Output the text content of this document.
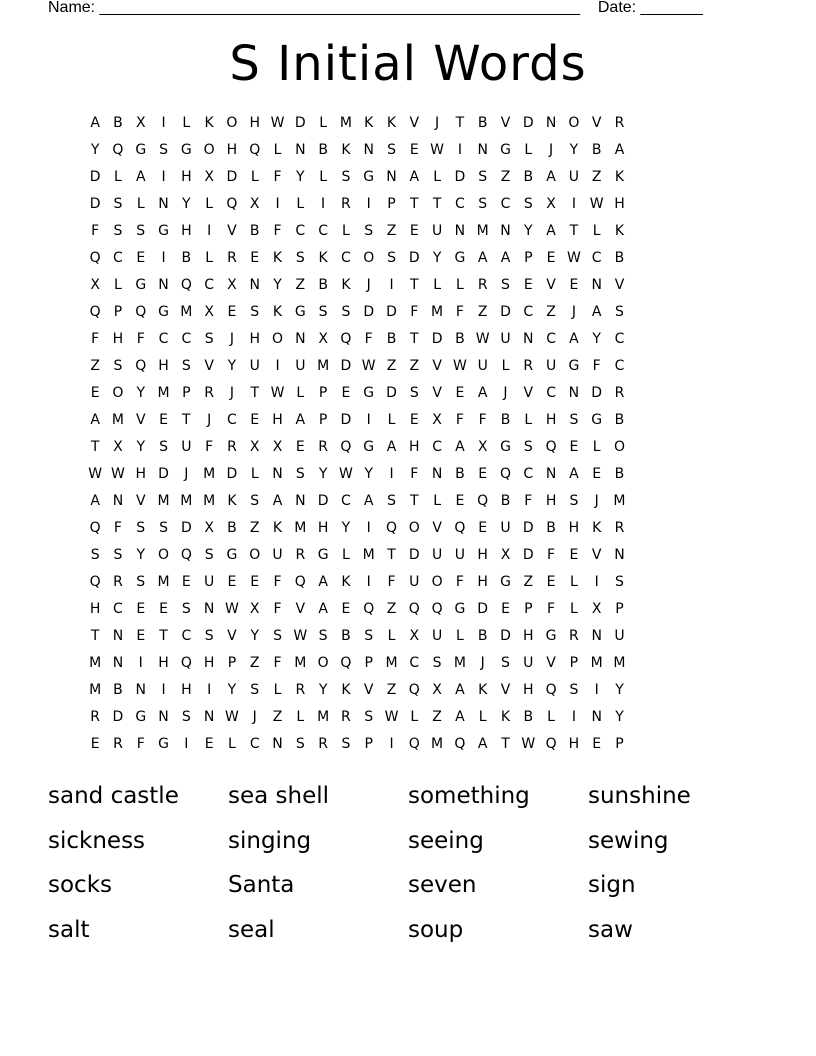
Name: ______________________________________________________    Date: _______
S Initial Words
A B X	I	L K O H W D L M K K V	J	T B V D N O V R
Y Q G S G O H Q L N B K N S E W I	N G L	J	Y B A
D L A	I	H X D L	F Y	L S G N A L D S Z B A U Z K
D S L N Y	L Q X	I	L	I	R	I	P T T C S C S X	I W H
F S S G H	I	V B F C C L S Z E U N M N Y A T	L K
Q C E	I	B L R E K S K C O S D Y G A A P E W C B
X L G N Q C X N Y Z B K	J	I	T	L	L R S E V E N V
Q P Q G M X E S K G S S D D F M F Z D C Z	J	A S
F H F C C S	J	H O N X Q F B T D B W U N C A Y C
Z S Q H S V Y U	I	U M D W Z Z V W U L R U G F C
E O Y M P R	J	T W L	P E G D S V E A	J	V C N D R
A M V E T	J	C E H A P D	I	L E X F	F B L H S G B
T X Y S U F R X X E R Q G A H C A X G S Q E L O
W W H D	J	M D L N S Y W Y	I	F N B E Q C N A E B
A N V M M M K S A N D C A S T	L E Q B F H S	J	M
Q F S S D X B Z K M H Y	I	Q O V Q E U D B H K R
S S Y O Q S G O U R G L M T D U U H X D F E V N
Q R S M E U E E F Q A K	I	F U O F H G Z E L	I	S
H C E E S N W X F V A E Q Z Q Q G D E P	F	L X P
T N E T C S V Y S W S B S L X U L B D H G R N U
M N	I	H Q H P Z F M O Q P M C S M	J	S U V P M M
M B N	I	H	I	Y S L R Y K V Z Q X A K V H Q S	I	Y
R D G N S N W J	Z L M R S W L Z A L K B L	I	N Y
E R F G	I	E L C N S R S P	I	Q M Q A T W Q H E P
sand castle	sea shell	something	sunshine
sickness	singing	seeing	sewing
socks	Santa	seven	sign
salt	seal	soup	saw
